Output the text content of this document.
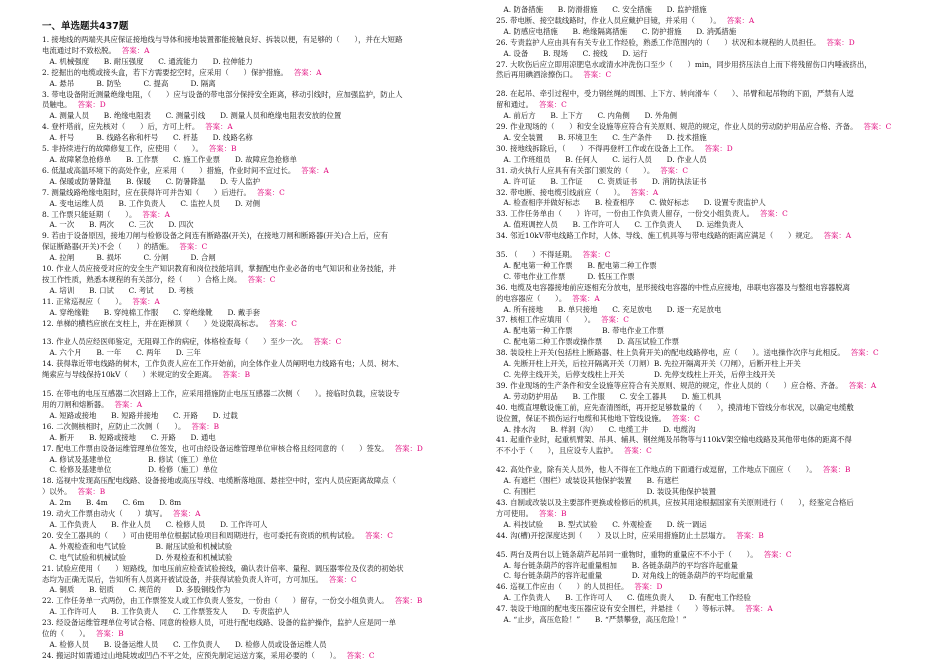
一、单选题共437题
1. 接地线的两端夹具应保证接地线与导体和接地装置都能接触良好、拆装以便，有足够的（　　），并在大短路
电流通过时不致松脱。 答案：A
　A. 机械强度　　B. 耐压强度　　C. 通流能力　　D. 拉伸能力
2. 挖掘出的电缆或接头盒，若下方需要挖空时，应采用（　　）保护措施。 答案：A
　A. 悬吊　　　B. 防坠　　　C. 提高　　　D. 隔离
3. 带电设备附近测量绝缘电阻，（　　）应与设备的带电部分保持安全距离，移动引线时，应加强监护，防止人
员触电。 答案：D
　A. 测量人员　　B. 绝缘电阻表　　C. 测量引线　　D. 测量人员和绝缘电阻表安放的位置
4. 登杆塔前，应先核对（　　）后，方可上杆。 答案：A
　A. 杆号　　　B. 线路名称和杆号　　C. 杆基　　D. 线路名称
5. 非持续进行的故障修复工作，应使用（　　）。 答案：B
　A. 故障紧急抢修单　　B. 工作票　　C. 施工作业票　　D. 故障应急抢修单
6. 低温或高温环境下的高处作业，应采用（　　）措施，作业时间不宜过长。 答案：A
　A. 保暖或防暑降温　　B. 保暖　　C. 防暑降温　　D. 专人监护
7. 测量线路绝缘电阻时，应在获得许可并告知（　　）后进行。 答案：C
　A. 变电运维人员　　B. 工作负责人　　C. 监控人员　　D. 对侧
8. 工作票只能延期（　　）。 答案：A
　A. 一次　　B. 两次　　C. 三次　　D. 四次
9. 若由于设备原因，接地刀闸与检修设备之间连有断路器(开关)，在接地刀闸和断路器(开关)合上后，应有
保证断路器(开关)不会（　　）的措施。 答案：C
　A. 拉闸　　　B. 损坏　　　C. 分闸　　　D. 合闸
10. 作业人员应接受对应的安全生产知识教育和岗位技能培训，掌握配电作业必备的电气知识和业务技能，并
按工作性质，熟悉本规程的有关部分，经（　　）合格上岗。 答案：C
　A. 培训　　B. 口试　　C. 考试　　D. 考核
11. 正常巡视应（　　）。 答案：A
　A. 穿绝缘鞋　　B. 穿纯棉工作服　　C. 穿绝缘靴　　D. 戴手套
12. 单梯的横档应嵌在支柱上，并在距梯顶（　　）处设限高标志。 答案：C
13. 作业人员应经医师鉴定，无阻碍工作的病症，体格检查每（　　）至少一次。 答案：C
　A. 六个月　　B. 一年　　C. 两年　　D. 三年
14. 获得靠近带电线路的树木，工作负责人应在工作开始前，向全体作业人员阐明电力线路有电；人员、树木、
绳索应与导线保持10kV（　　）米规定的安全距离。 答案：B
15. 在带电的电压互感器二次回路上工作，应采用措施防止电压互感器二次侧（　　）。接临时负载，应装设专
用的刀闸和熔断器。 答案：A
　A. 短路或接地　　B. 短路并接地　　C. 开路　　D. 过载
16. 二次侧核相时，应防止二次侧（　　）。 答案：B
　A. 断开　　B. 短路或接地　　C. 开路　　D. 通电
17. 配电工作票由设备运维管理单位签发，也可由经设备运维管理单位审核合格且经同意的（　　）签发。 答案：D
　A. 修试及基建单位　　　　　B. 修试（施工）单位
　C. 检修及基建单位　　　　　D. 检修（施工）单位
18. 巡视中发现高压配电线路、设备接地或高压导线、电缆断落地面、悬挂空中时，室内人员应距离故障点（
）以外。 答案：B
　A. 2m　　B. 4m　　C. 6m　　D. 8m
19. 动火工作票由动火（　　）填写。 答案：A
　A. 工作负责人　　B. 作业人员　　C. 检修人员　　D. 工作许可人
20. 安全工器具的（　　）可由使用单位根据试验项目和周期进行，也可委托有资质的机构试验。 答案：C
　A. 外观检查和电气试验　　　　B. 耐压试验和机械试验
　C. 电气试验和机械试验　　　　D. 外观检查和机械试验
21. 试验应使用（　　）短路线，加电压前应检查试验接线，确认表计倍率、量程、调压器零位及仪表的初始状
态均为正确无误后，告知所有人员离开被试设备，并获得试验负责人许可，方可加压。 答案：C
　A. 铜质　　B. 铝质　　C. 规范的　　D. 多股铜线作为
22. 工作任务单一式两份，由工作票签发人或工作负责人签发，一份由（　　）留存，一份交小组负责人。 答案：B
　A. 工作许可人　　B. 工作负责人　　C. 工作票签发人　　D. 专责监护人
23. 经设备运维管理单位考试合格、同意的检修人员，可进行配电线路、设备的监护操作，监护人应是同一单
位的（　　）。 答案：B
　A. 检修人员　　B. 设备运维人员　　C. 工作负责人　　D. 检修人员或设备运维人员
24. 搬运时如需通过山地陡坡或凹凸不平之处，应预先制定运送方案，采用必要的（　　）。 答案：C
　A. 防备措施　　B. 防滑措施　　C. 安全措施　　D. 监护措施
25. 带电断、接空载线路时，作业人员应戴护目镜，并采用（　　）。 答案：A
　A. 防感应电措施　　B. 绝缘隔离措施　　C. 防护措施　　D. 消弧措施
26. 专责监护人应由具有有关专业工作经验，熟悉工作范围内的（　　）状况和本规程的人员担任。 答案：D
　A. 设备　　B. 现场　　C. 接线　　D. 运行
27. 大吹伤后应立即用凉肥皂水或清水冲洗伤口至少（　　）min，同步用挤压法自上而下将残留伤口内唾液挤出，
然后再用碘酒涂擦伤口。 答案：C
28. 在起吊、牵引过程中，受力钢丝绳的周围、上下方、转向滑车（　　）、吊臂和起吊物的下面，严禁有人逗
留和通过。 答案：C
　A. 前后方　　B. 上下方　　C. 内角侧　　D. 外角侧
29. 作业现场的（　　）和安全设施等应符合有关原则、规范的规定，作业人员的劳动防护用品应合格、齐备。 答案：C
　A. 安全装置　　B. 环境卫生　　C. 生产条件　　D. 技术措施
30. 接地线拆除后，（　　）不得再登杆工作或在设备上工作。 答案：D
　A. 工作班组员　　B. 任何人　　C. 运行人员　　D. 作业人员
31. 动火执行人应具有有关部门颁发的（　　）。 答案：C
　A. 许可证　　B. 工作证　　C. 资质证书　　D. 消防执法证书
32. 带电断、接电缆引线前应（　　）。 答案：A
　A. 检查相序并做好标志　　B. 检查相序　　C. 做好标志　　D. 设置专责监护人
33. 工作任务单由（　　）许可，一份由工作负责人留存，一份交小组负责人。 答案：C
　A. 值班调控人员　　B. 工作许可人　　C. 工作负责人　　D. 运维负责人
34. 邻近10kV带电线路工作时，人体、导线、施工机具等与带电线路的距离应满足（　　）规定。 答案：A
35. （　　）不得延期。 答案：C
　A. 配电第一种工作票　　B. 配电第二种工作票
　C. 带电作业工作票　　　D. 低压工作票
36. 电缆及电容器接地前应逐相充分放电，星形接线电容器的中性点应接地，串联电容器及与整组电容器脱离
的电容器应（　　）。 答案：A
　A. 所有接地　　B. 单只接地　　C. 充足放电　　D. 逐一充足放电
37. 核相工作应填用（　　）。 答案：C
　A. 配电第一种工作票　　　　B. 带电作业工作票
　C. 配电第二种工作票或操作票　　D. 高压试验工作票
38. 装设柱上开关(包括柱上断路器、柱上负荷开关)的配电线路停电，应（　　）。送电操作次序与此相反。 答案：C
　A. 先断开柱上开关，后拉开隔离开关（刀闸）B. 先拉开隔离开关（刀闸），后断开柱上开关
　C. 先停主线开关，后停支线柱上开关　　　　D. 先停支线柱上开关，后停主线开关
39. 作业现场的生产条件和安全设施等应符合有关原则、规范的规定，作业人员的（　　）应合格、齐备。 答案：A
　A. 劳动防护用品　　B. 工作服　　C. 安全工器具　　D. 施工机具
40. 电缆直埋敷设施工前，应先查清图纸，再开挖足够数量的（　　），摸清地下管线分布状况，以确定电缆敷
设位置，保证不损伤运行电缆和其他地下管线设施。 答案：C
　A. 排水沟　　B. 样洞（沟）　　C. 电缆工井　　D. 电缆沟
41. 起重作业时，起重机臂架、吊具、辅具、钢丝绳及吊物等与110kV架空输电线路及其他带电体的距离不得
不不小于（　　），且应设专人监护。 答案：C
42. 高处作业，除有关人员外，他人不得在工作地点的下面通行或逗留，工作地点下面应（　　）。 答案：B
　A. 有遮栏（围栏）或装设其他保护装置　　B. 有遮栏
　C. 有围栏　　　　　　　　　　　　　　　D. 装设其他保护装置
43. 自制或改装以及主要部件更换或检修后的机具，应按其用途根据国家有关原则进行（　　），经鉴定合格后
方可使用。 答案：B
　A. 科技试验　　B. 型式试验　　C. 外观检查　　D. 统一调运
44. 沟(槽)开挖深度达到（　　）及以上时，应采用措施防止土层塌方。 答案：B
45. 两台及两台以上链条葫芦起吊同一重物时，重物的重量应不不小于（　　）。 答案：C
　A. 每台链条葫芦的容许起重量相加　　B. 各链条葫芦的平均容许起重量
　C. 每台链条葫芦的容许起重量　　　　D. 对角线上的链条葫芦的平均起重量
46. 巡视工作应由（　　）的人员担任。 答案：D
　A. 工作负责人　　B. 工作许可人　　C. 值班负责人　　D. 有配电工作经验
47. 装设于地面的配电变压器应设有安全围栏，并悬挂（　　）等标示牌。 答案：A
　A. “止步，高压危险！”　　B. “严禁攀登，高压危险！”
